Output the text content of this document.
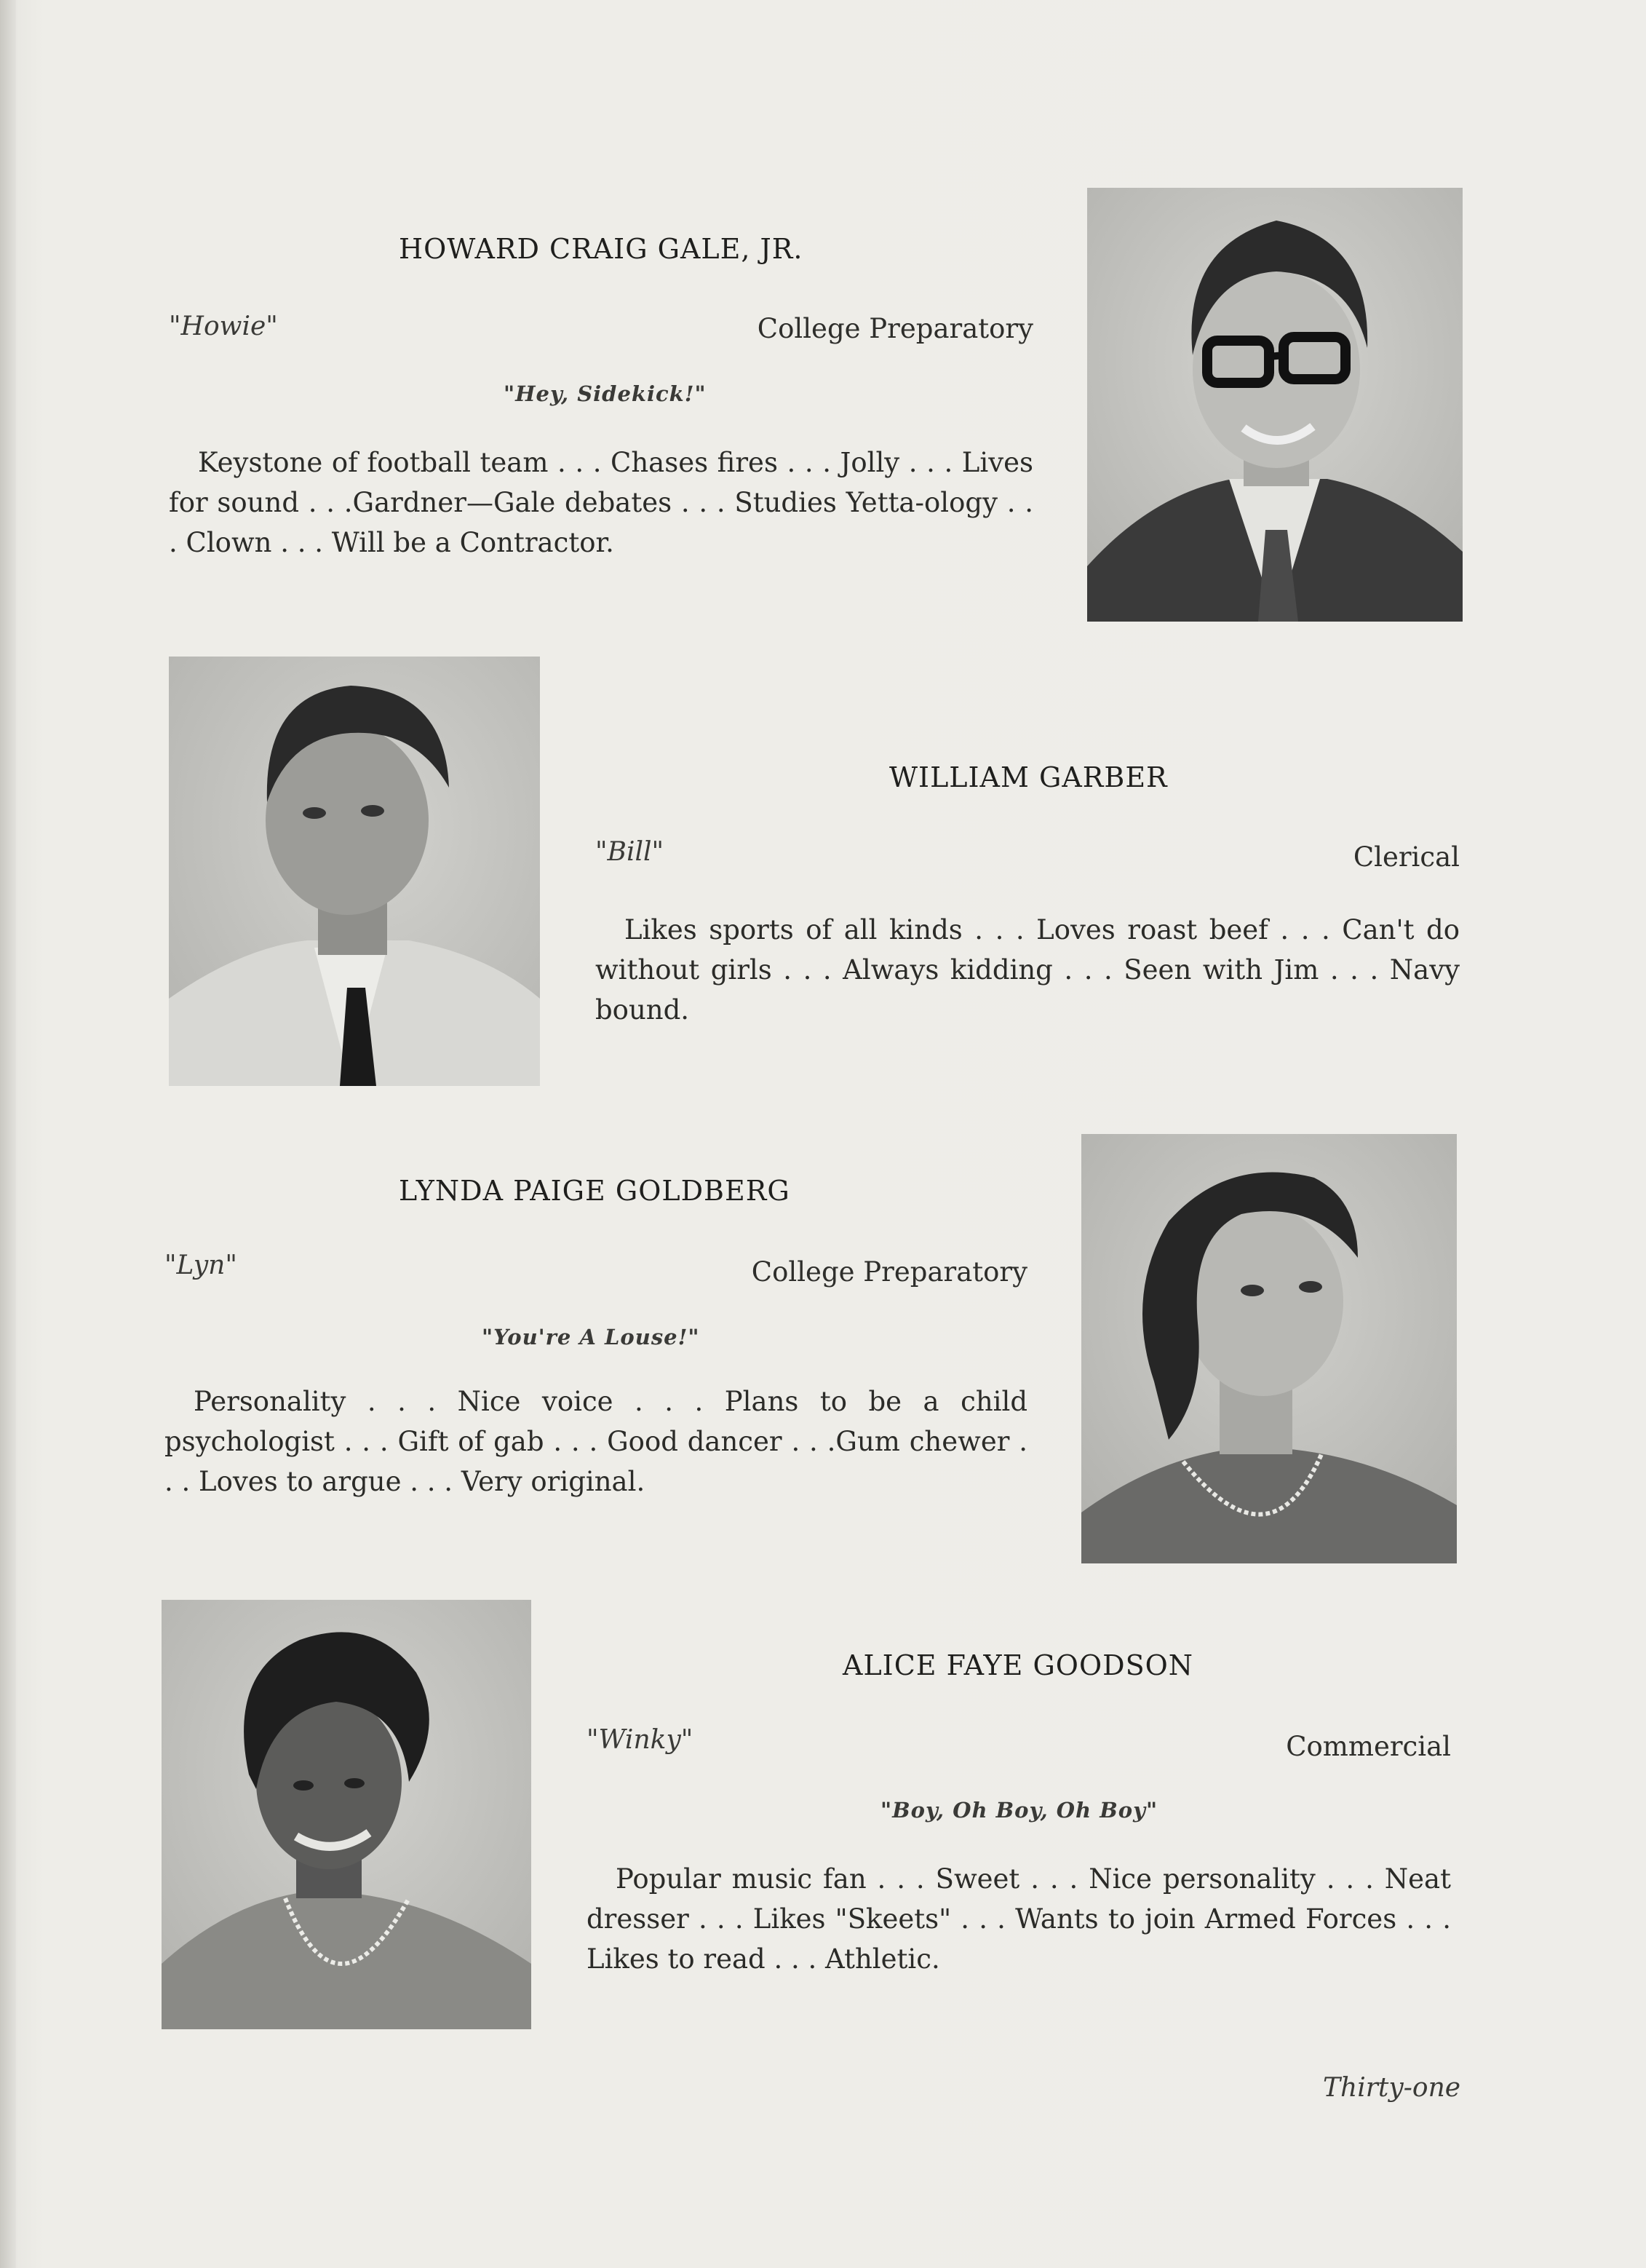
HOWARD CRAIG GALE, JR.
"Howie"	College Preparatory
"Hey, Sidekick!"
Keystone of football team . . . Chases fires . . . Jolly . . . Lives for sound . . .Gardner—Gale debates . . . Studies Yetta-ology . . . Clown . . . Will be a Contractor.
WILLIAM GARBER
"Bill"	Clerical
Likes sports of all kinds . . . Loves roast beef . . . Can't do without girls . . . Always kidding . . . Seen with Jim . . . Navy bound.
LYNDA PAIGE GOLDBERG
"Lyn"	College Preparatory
"You're A Louse!"
Personality . . . Nice voice . . . Plans to be a child psychologist . . . Gift of gab . . . Good dancer . . .Gum chewer . . . Loves to argue . . . Very original.
ALICE FAYE GOODSON
"Winky"	Commercial
"Boy, Oh Boy, Oh Boy"
Popular music fan . . . Sweet . . . Nice personality . . . Neat dresser . . . Likes "Skeets" . . . Wants to join Armed Forces . . . Likes to read . . . Athletic.
Thirty-one
